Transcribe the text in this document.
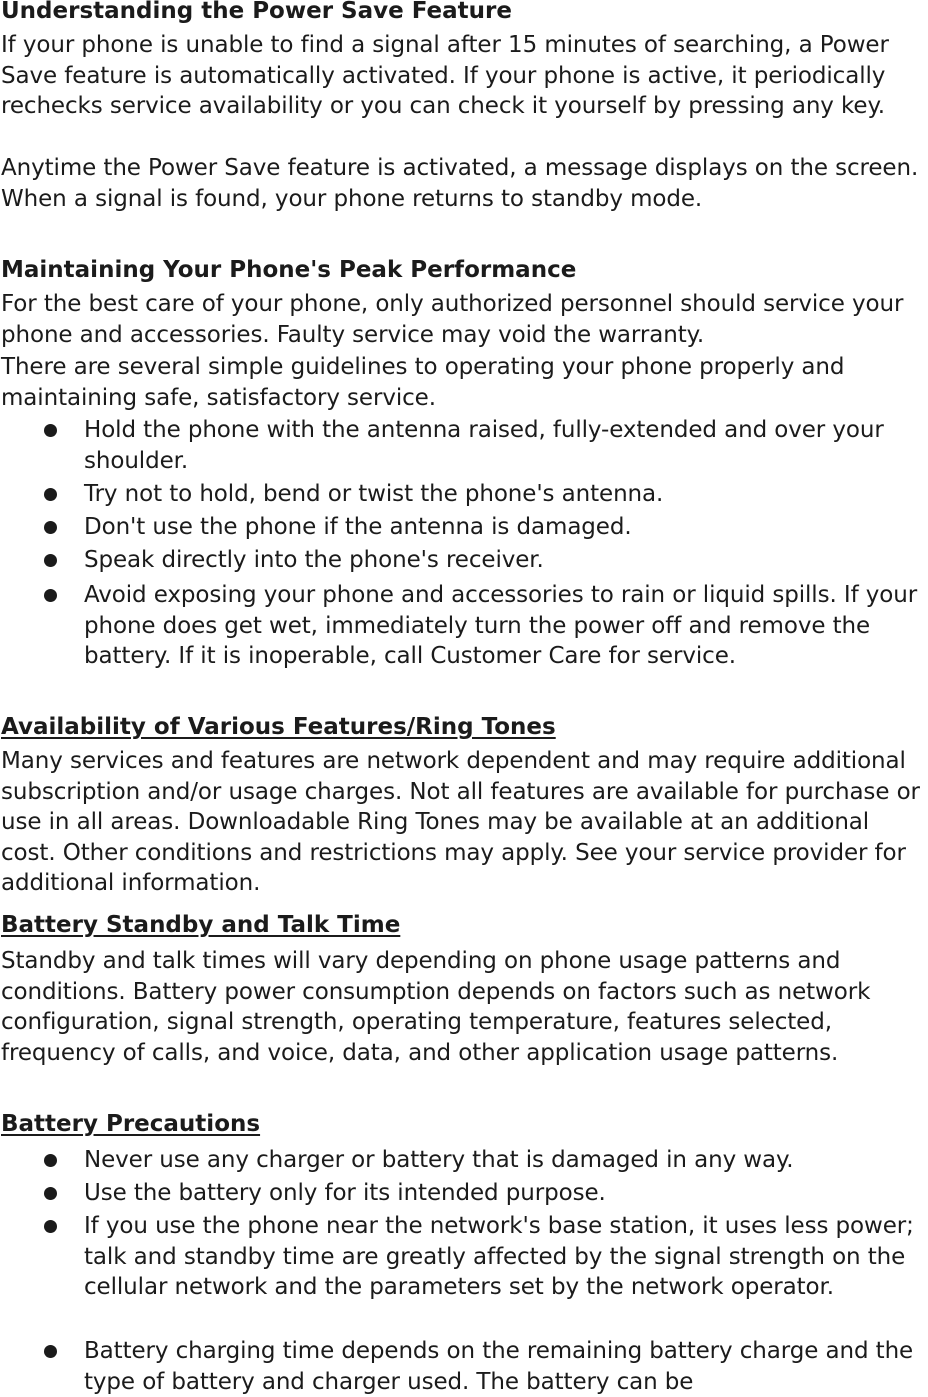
Understanding the Power Save Feature

If your phone is unable to find a signal after 15 minutes of searching, a Power Save feature is automatically activated. If your phone is active, it periodically rechecks service availability or you can check it yourself by pressing any key.

Anytime the Power Save feature is activated, a message displays on the screen. When a signal is found, your phone returns to standby mode.

Maintaining Your Phone's Peak Performance

For the best care of your phone, only authorized personnel should service your phone and accessories. Faulty service may void the warranty.

There are several simple guidelines to operating your phone properly and maintaining safe, satisfactory service.

Hold the phone with the antenna raised, fully-extended and over your shoulder.

Try not to hold, bend or twist the phone's antenna.

Don't use the phone if the antenna is damaged.

Speak directly into the phone's receiver.

Avoid exposing your phone and accessories to rain or liquid spills. If your phone does get wet, immediately turn the power off and remove the battery. If it is inoperable, call Customer Care for service.

Availability of Various Features/Ring Tones

Many services and features are network dependent and may require additional subscription and/or usage charges. Not all features are available for purchase or use in all areas. Downloadable Ring Tones may be available at an additional cost. Other conditions and restrictions may apply. See your service provider for additional information.

Battery Standby and Talk Time

Standby and talk times will vary depending on phone usage patterns and conditions. Battery power consumption depends on factors such as network configuration, signal strength, operating temperature, features selected, frequency of calls, and voice, data, and other application usage patterns.

Battery Precautions

Never use any charger or battery that is damaged in any way.

Use the battery only for its intended purpose.

If you use the phone near the network's base station, it uses less power; talk and standby time are greatly affected by the signal strength on the cellular network and the parameters set by the network operator.

Battery charging time depends on the remaining battery charge and the type of battery and charger used. The battery can be
